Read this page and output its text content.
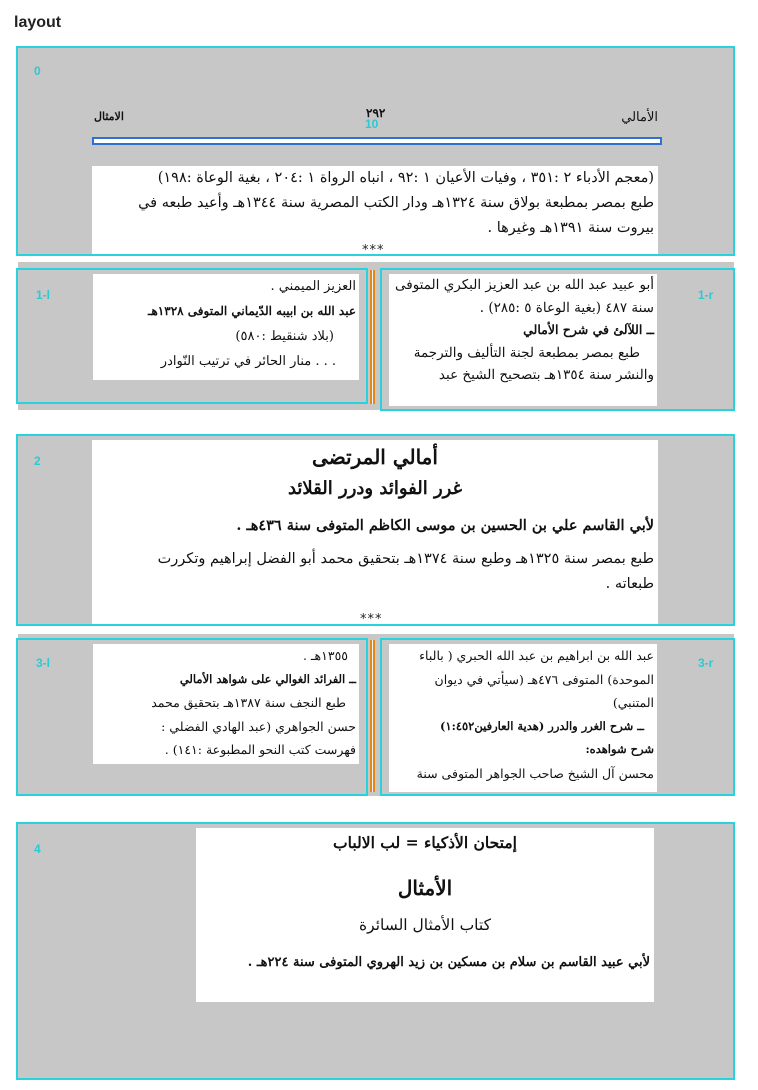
layout
الأمالي
٢٩٢
الامثال
10
(معجم الأدباء ٢ :٣٥١ ، وفيات الأعيان ١ :٩٢ ، انباه الرواة ١ :٢٠٤ ، بغية الوعاة :١٩٨)
طبع بمصر بمطبعة بولاق سنة ١٣٢٤هـ ودار الكتب المصرية سنة ١٣٤٤هـ وأعيد طبعه في
بيروت سنة ١٣٩١هـ وغيرها .
0
***
1-l	1-r
أبو عبيد عبد الله بن عبد العزيز البكري المتوفى
سنة ٤٨٧ (بغية الوعاة ٥ :٢٨٥) .
ــ اللآلئ في شرح الأمالي
طبع بمصر بمطبعة لجنة التأليف والترجمة
والنشر سنة ١٣٥٤هـ بتصحيح الشيخ عبد
العزيز الميمني .
عبد الله بن ابيبه الدّيماني المتوفى ١٣٢٨هـ
(بلاد شنقيط :٥٨٠)
. . . منار الحائر في ترتيب النّوادر
أمالي المرتضى
غرر الفوائد ودرر القلائد
لأبي القاسم علي بن الحسين بن موسى الكاظم المتوفى سنة ٤٣٦هـ .
طبع بمصر سنة ١٣٢٥هـ وطبع سنة ١٣٧٤هـ بتحقيق محمد أبو الفضل إبراهيم وتكررت
طبعاته .
2
***
3-l	3-r
عبد الله بن ابراهيم بن عبد الله الحبري ( بالباء
الموحدة) المتوفى ٤٧٦هـ (سيأتي في ديوان
المتنبي)
ــ شرح الغرر والدرر (هدية العارفين١:٤٥٢)
شرح شواهده:
محسن آل الشيخ صاحب الجواهر المتوفى سنة
١٣٥٥هـ .
ــ الفرائد الغوالي على شواهد الأمالي
طبع النجف سنة ١٣٨٧هـ بتحقيق محمد
حسن الجواهري (عبد الهادي الفضلي :
فهرست كتب النحو المطبوعة :١٤١) .
إمتحان الأذكياء = لب الالباب
الأمثال
كتاب الأمثال السائرة
لأبي عبيد القاسم بن سلام بن مسكين بن زيد الهروي المتوفى سنة ٢٢٤هـ .
4
